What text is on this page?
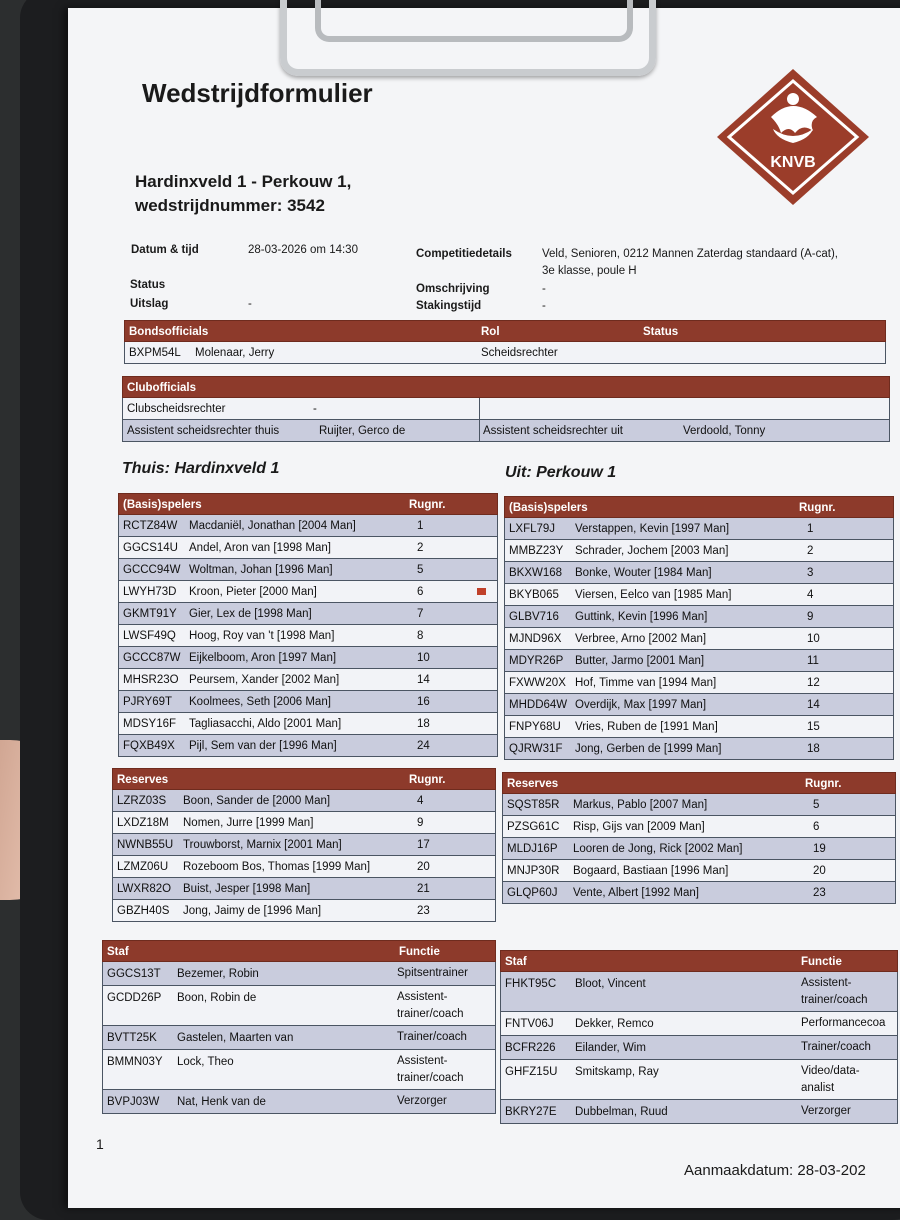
Wedstrijdformulier
KNVB
Hardinxveld 1 - Perkouw 1,
wedstrijdnummer: 3542
Datum & tijd	28-03-2026 om 14:30
Status
Uitslag	-
Competitiedetails	Veld, Senioren, 0212 Mannen Zaterdag standaard (A-cat),
3e klasse, poule H
Omschrijving	-
Stakingstijd	-
Bondsofficials	Rol	Status
BXPM54L Molenaar, Jerry	Scheidsrechter
Clubofficials
Clubscheidsrechter	-
Assistent scheidsrechter thuis	Ruijter, Gerco de	Assistent scheidsrechter uit	Verdoold, Tonny
Thuis: Hardinxveld 1	Uit: Perkouw 1
(Basis)spelers	Rugnr.
RCTZ84W Macdaniël, Jonathan [2004 Man]	1
GGCS14U Andel, Aron van [1998 Man]	2
GCCC94W Woltman, Johan [1996 Man]	5
LWYH73D Kroon, Pieter [2000 Man]	6
GKMT91Y Gier, Lex de [1998 Man]	7
LWSF49Q Hoog, Roy van 't [1998 Man]	8
GCCC87W Eijkelboom, Aron [1997 Man]	10
MHSR23O Peursem, Xander [2002 Man]	14
PJRY69T Koolmees, Seth [2006 Man]	16
MDSY16F Tagliasacchi, Aldo [2001 Man]	18
FQXB49X Pijl, Sem van der [1996 Man]	24
Reserves	Rugnr.
LZRZ03S Boon, Sander de [2000 Man]	4
LXDZ18M Nomen, Jurre [1999 Man]	9
NWNB55U Trouwborst, Marnix [2001 Man]	17
LZMZ06U Rozeboom Bos, Thomas [1999 Man]	20
LWXR82O Buist, Jesper [1998 Man]	21
GBZH40S Jong, Jaimy de [1996 Man]	23
(Basis)spelers	Rugnr.
LXFL79J Verstappen, Kevin [1997 Man]	1
MMBZ23Y Schrader, Jochem [2003 Man]	2
BKXW168 Bonke, Wouter [1984 Man]	3
BKYB065 Viersen, Eelco van [1985 Man]	4
GLBV716 Guttink, Kevin [1996 Man]	9
MJND96X Verbree, Arno [2002 Man]	10
MDYR26P Butter, Jarmo [2001 Man]	11
FXWW20X Hof, Timme van [1994 Man]	12
MHDD64W Overdijk, Max [1997 Man]	14
FNPY68U Vries, Ruben de [1991 Man]	15
QJRW31F Jong, Gerben de [1999 Man]	18
Reserves	Rugnr.
SQST85R Markus, Pablo [2007 Man]	5
PZSG61C Risp, Gijs van [2009 Man]	6
MLDJ16P Looren de Jong, Rick [2002 Man]	19
MNJP30R Bogaard, Bastiaan [1996 Man]	20
GLQP60J Vente, Albert [1992 Man]	23
Staf	Functie
GGCS13T Bezemer, Robin	Spitsentrainer
GCDD26P Boon, Robin de	Assistent-
trainer/coach
BVTT25K Gastelen, Maarten van	Trainer/coach
BMMN03Y Lock, Theo	Assistent-
trainer/coach
BVPJ03W Nat, Henk van de	Verzorger
Staf	Functie
FHKT95C Bloot, Vincent	Assistent-
trainer/coach
FNTV06J Dekker, Remco	Performancecoa
BCFR226 Eilander, Wim	Trainer/coach
GHFZ15U Smitskamp, Ray	Video/data-
analist
BKRY27E Dubbelman, Ruud	Verzorger
1
Aanmaakdatum: 28-03-202
